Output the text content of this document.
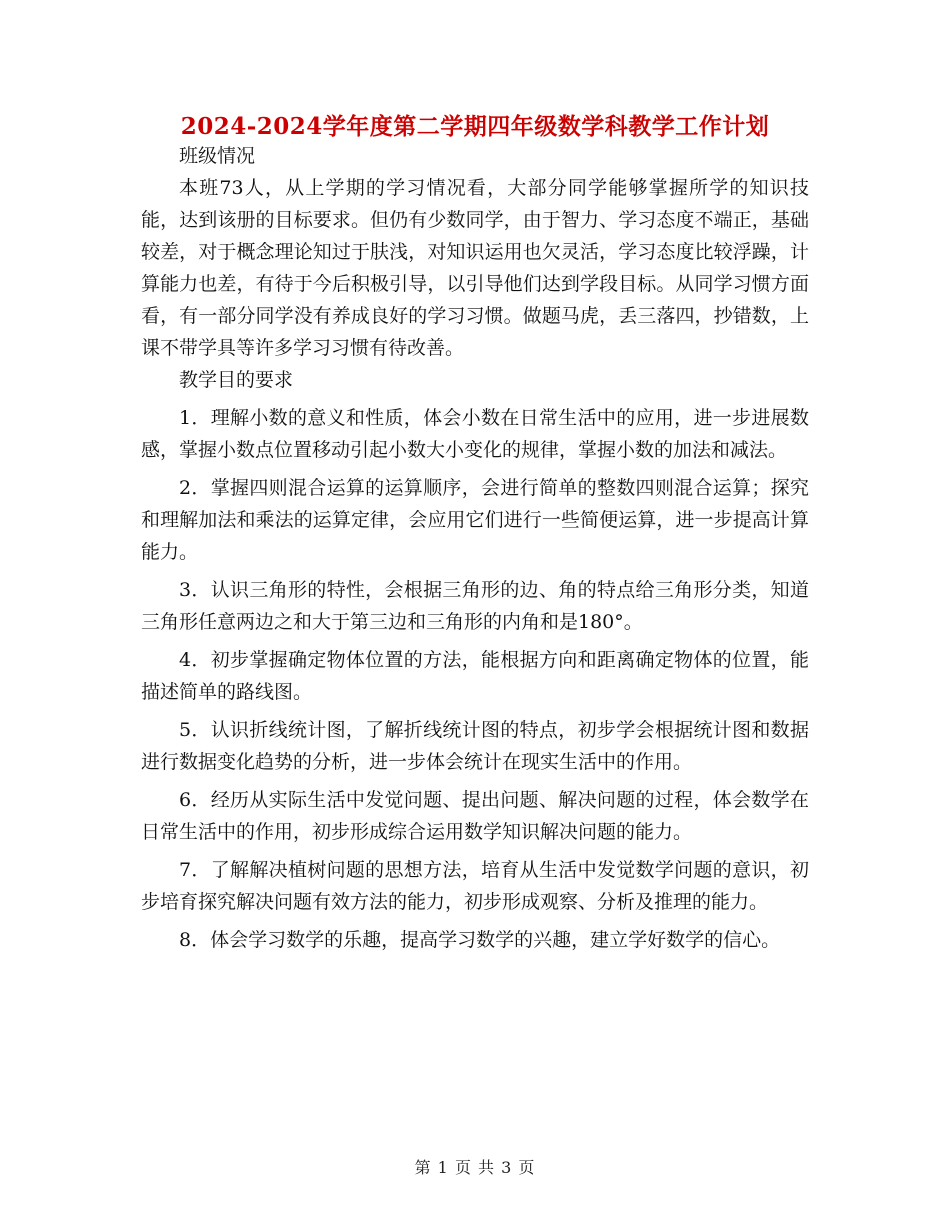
2024-2024学年度第二学期四年级数学科教学工作计划

班级情况

本班73人，从上学期的学习情况看，大部分同学能够掌握所学的知识技能，达到该册的目标要求。但仍有少数同学，由于智力、学习态度不端正，基础较差，对于概念理论知过于肤浅，对知识运用也欠灵活，学习态度比较浮躁，计算能力也差，有待于今后积极引导，以引导他们达到学段目标。从同学习惯方面看，有一部分同学没有养成良好的学习习惯。做题马虎，丢三落四，抄错数，上课不带学具等许多学习习惯有待改善。

教学目的要求

1．理解小数的意义和性质，体会小数在日常生活中的应用，进一步进展数感，掌握小数点位置移动引起小数大小变化的规律，掌握小数的加法和减法。

2．掌握四则混合运算的运算顺序，会进行简单的整数四则混合运算；探究和理解加法和乘法的运算定律，会应用它们进行一些简便运算，进一步提高计算能力。

3．认识三角形的特性，会根据三角形的边、角的特点给三角形分类，知道三角形任意两边之和大于第三边和三角形的内角和是180°。

4．初步掌握确定物体位置的方法，能根据方向和距离确定物体的位置，能描述简单的路线图。

5．认识折线统计图，了解折线统计图的特点，初步学会根据统计图和数据进行数据变化趋势的分析，进一步体会统计在现实生活中的作用。

6．经历从实际生活中发觉问题、提出问题、解决问题的过程，体会数学在日常生活中的作用，初步形成综合运用数学知识解决问题的能力。

7．了解解决植树问题的思想方法，培育从生活中发觉数学问题的意识，初步培育探究解决问题有效方法的能力，初步形成观察、分析及推理的能力。

8．体会学习数学的乐趣，提高学习数学的兴趣，建立学好数学的信心。

第 1 页 共 3 页
